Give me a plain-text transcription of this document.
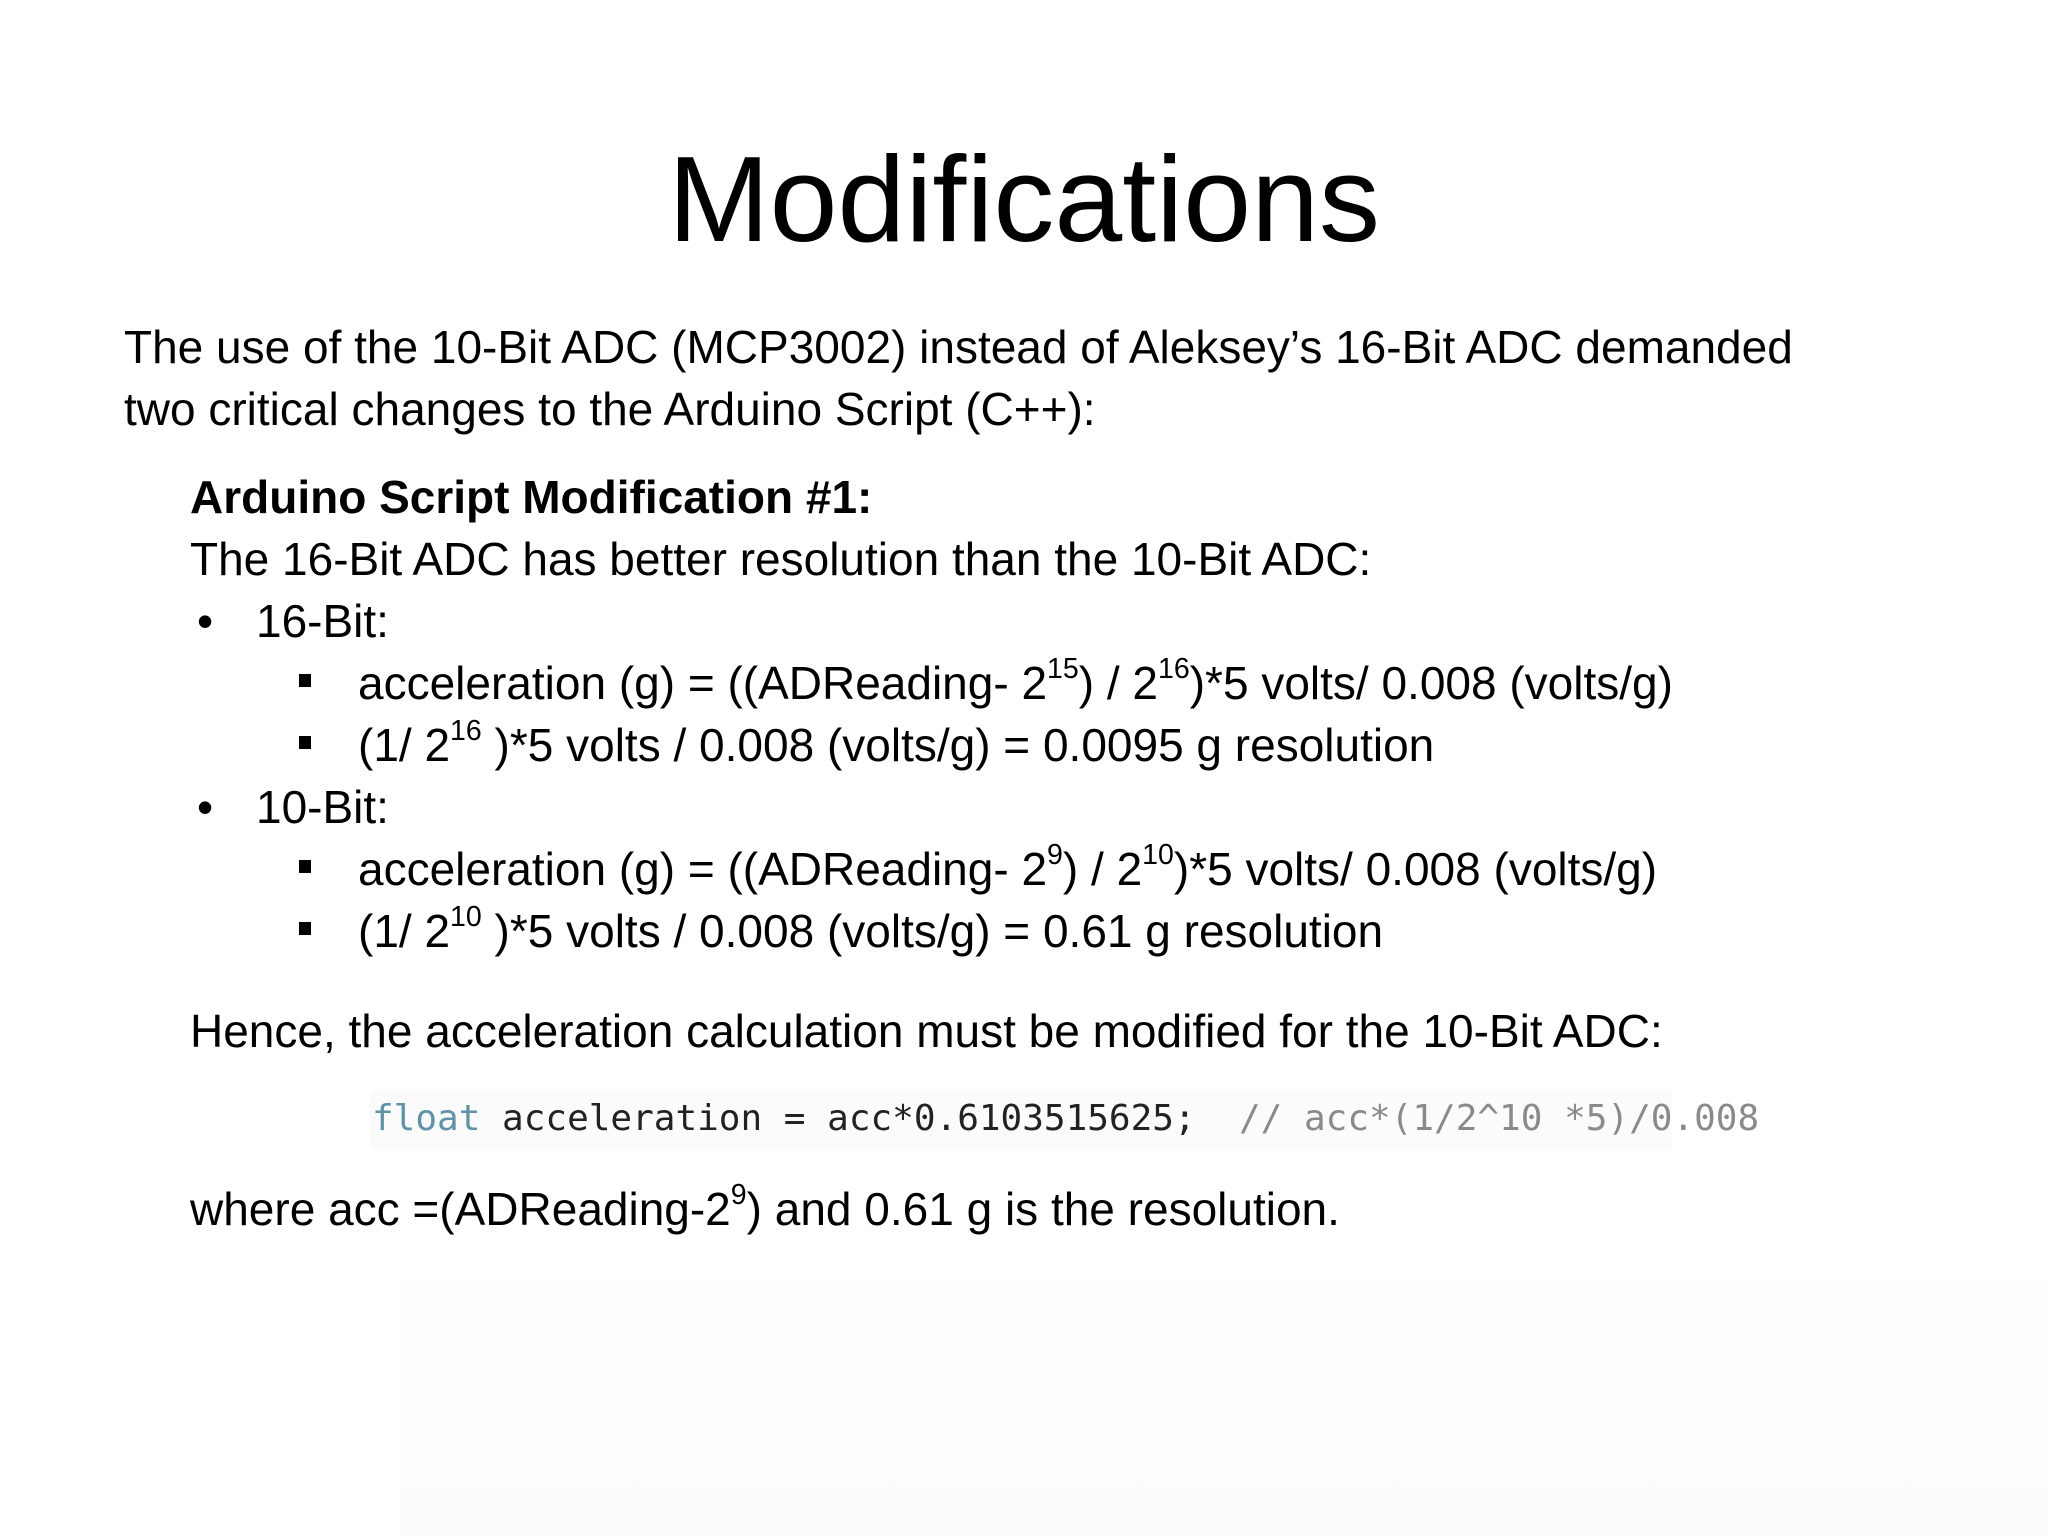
Modifications

The use of the 10-Bit ADC (MCP3002) instead of Aleksey’s 16-Bit ADC demanded

two critical changes to the Arduino Script (C++):

Arduino Script Modification #1:

The 16-Bit ADC has better resolution than the 10-Bit ADC:

• 16-Bit:
acceleration (g) = ((ADReading- $2^{15}) / 2^{16})*5$ volts/ 0.008 (volts/g)
(1/ $2^{16}$ )*5 volts / 0.008 (volts/g) = 0.0095 g resolution
• 10-Bit:
acceleration (g) = ((ADReading- $2^9) / 2^{10})*5$ volts/ 0.008 (volts/g)
(1/ $2^{10}$ )*5 volts / 0.008 (volts/g) = 0.61 g resolution

Hence, the acceleration calculation must be modified for the 10-Bit ADC:

float acceleration = acc*0.6103515625;  // acc*(1/2^10 *5)/0.008

where acc $=(ADReading-2^9)$ and 0.61 g is the resolution.
